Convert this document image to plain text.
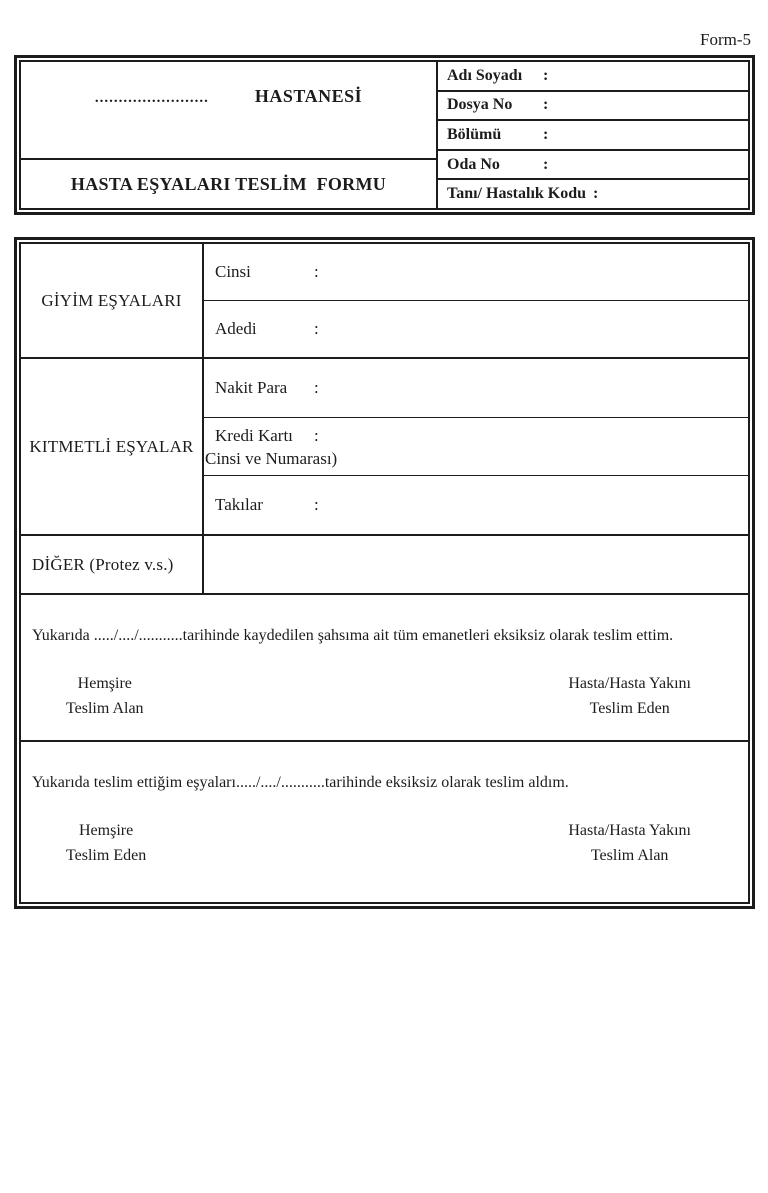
Form-5
........................	HASTANESİ
HASTA EŞYALARI TESLİM  FORMU
Adı Soyadı	:
Dosya No	:
Bölümü	:
Oda No	:
Tanı/ Hastalık Kodu :
GİYİM EŞYALARI
Cinsi	:
Adedi	:
KITMETLİ EŞYALAR
Nakit Para	:
Kredi Kartı :
Cinsi ve Numarası)
Takılar	:
DİĞER (Protez v.s.)
Yukarıda ...../..../...........tarihinde kaydedilen şahsıma ait tüm emanetleri eksiksiz olarak teslim ettim.
Hemşire
Teslim Alan
Hasta/Hasta Yakını
Teslim Eden
Yukarıda teslim ettiğim eşyaları...../..../...........tarihinde eksiksiz olarak teslim aldım.
Hemşire
Teslim Eden
Hasta/Hasta Yakını
Teslim Alan
